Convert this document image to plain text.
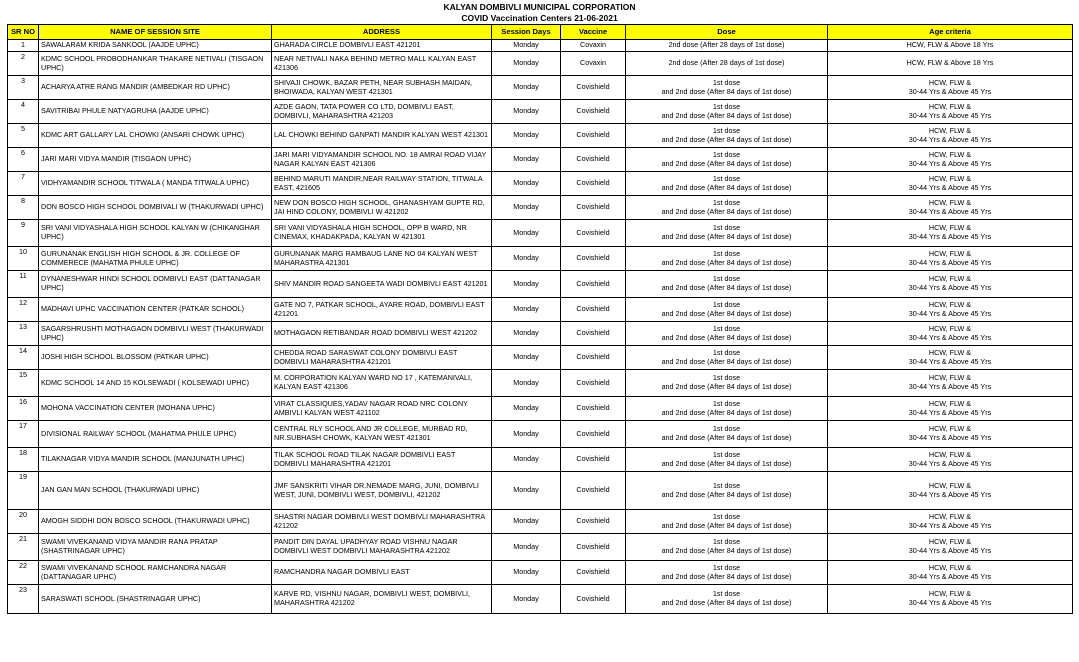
KALYAN DOMBIVLI MUNICIPAL CORPORATION
COVID Vaccination Centers 21-06-2021
SR NO	NAME OF SESSION SITE	ADDRESS	Session Days	Vaccine	Dose	Age criteria
1	SAWALARAM KRIDA SANKOOL (AAJDE UPHC)	GHARADA CIRCLE DOMBIVLI EAST 421201	Monday	Covaxin	2nd dose (After 28 days of 1st dose)	HCW, FLW & Above 18 Yrs

2	KDMC SCHOOL PROBODHANKAR THAKARE NETIVALI (TISGAON UPHC)	NEAR NETIVALI NAKA BEHIND METRO MALL KALYAN EAST 421306	Monday	Covaxin	2nd dose (After 28 days of 1st dose)	HCW, FLW & Above 18 Yrs

3	ACHARYA ATRE RANG MANDIR (AMBEDKAR RD UPHC)	SHIVAJI CHOWK, BAZAR PETH, NEAR SUBHASH MAIDAN, BHOIWADA, KALYAN WEST 421301	Monday	Covishield	1st dose
and 2nd dose (After 84 days of 1st dose)	HCW, FLW &
30-44 Yrs & Above 45 Yrs

4	SAVITRIBAI PHULE NATYAGRUHA (AAJDE UPHC)	AZDE GAON, TATA POWER CO LTD, DOMBIVLI EAST, DOMBIVLI, MAHARASHTRA 421203	Monday	Covishield	1st dose
and 2nd dose (After 84 days of 1st dose)	HCW, FLW &
30-44 Yrs & Above 45 Yrs

5	KDMC ART GALLARY LAL CHOWKI (ANSARI CHOWK UPHC)	LAL CHOWKI BEHIND GANPATI MANDIR KALYAN WEST 421301	Monday	Covishield	1st dose
and 2nd dose (After 84 days of 1st dose)	HCW, FLW &
30-44 Yrs & Above 45 Yrs

6	JARI MARI VIDYA MANDIR (TISGAON UPHC)	JARI MARI VIDYAMANDIR SCHOOL NO. 18 AMRAI ROAD VIJAY NAGAR KALYAN EAST 421306	Monday	Covishield	1st dose
and 2nd dose (After 84 days of 1st dose)	HCW, FLW &
30-44 Yrs & Above 45 Yrs

7	VIDHYAMANDIR SCHOOL TITWALA ( MANDA TITWALA UPHC)	BEHIND MARUTI MANDIR,NEAR RAILWAY STATION, TITWALA EAST, 421605	Monday	Covishield	1st dose
and 2nd dose (After 84 days of 1st dose)	HCW, FLW &
30-44 Yrs & Above 45 Yrs

8	DON BOSCO HIGH SCHOOL DOMBIVALI W (THAKURWADI UPHC)	NEW DON BOSCO HIGH SCHOOL, GHANASHYAM GUPTE RD, JAI HIND COLONY, DOMBIVLI W 421202	Monday	Covishield	1st dose
and 2nd dose (After 84 days of 1st dose)	HCW, FLW &
30-44 Yrs & Above 45 Yrs

9	SRI VANI VIDYASHALA HIGH SCHOOL KALYAN W (CHIKANGHAR UPHC)	SRI VANI VIDYASHALA HIGH SCHOOL, OPP B WARD, NR CINEMAX, KHADAKPADA, KALYAN W 421301	Monday	Covishield	1st dose
and 2nd dose (After 84 days of 1st dose)	HCW, FLW &
30-44 Yrs & Above 45 Yrs

10	GURUNANAK ENGLISH HIGH SCHOOL & JR. COLLEGE OF COMMERECE (MAHATMA PHULE UPHC)	GURUNANAK MARG RAMBAUG LANE NO 04 KALYAN WEST MAHARASTRA 421301	Monday	Covishield	1st dose
and 2nd dose (After 84 days of 1st dose)	HCW, FLW &
30-44 Yrs & Above 45 Yrs

11	DYNANESHWAR HINDI SCHOOL DOMBIVLI EAST (DATTANAGAR UPHC)	SHIV MANDIR ROAD SANGEETA WADI DOMBIVLI EAST 421201	Monday	Covishield	1st dose
and 2nd dose (After 84 days of 1st dose)	HCW, FLW &
30-44 Yrs & Above 45 Yrs

12	MADHAVI UPHC VACCINATION CENTER (PATKAR SCHOOL)	GATE NO 7, PATKAR SCHOOL, AYARE ROAD, DOMBIVLI EAST 421201	Monday	Covishield	1st dose
and 2nd dose (After 84 days of 1st dose)	HCW, FLW &
30-44 Yrs & Above 45 Yrs

13	SAGARSHRUSHTI MOTHAGAON DOMBIVLI WEST (THAKURWADI UPHC)	MOTHAGAON RETIBANDAR ROAD DOMBIVLI WEST 421202	Monday	Covishield	1st dose
and 2nd dose (After 84 days of 1st dose)	HCW, FLW &
30-44 Yrs & Above 45 Yrs

14	JOSHI HIGH SCHOOL BLOSSOM (PATKAR UPHC)	CHEDDA ROAD SARASWAT COLONY DOMBIVLI EAST DOMBIVLI MAHARASHTRA 421201	Monday	Covishield	1st dose
and 2nd dose (After 84 days of 1st dose)	HCW, FLW &
30-44 Yrs & Above 45 Yrs

15	KDMC SCHOOL 14 AND 15 KOLSEWADI ( KOLSEWADI UPHC)	M. CORPORATION KALYAN WARD NO 17 , KATEMANIVALI, KALYAN EAST 421306	Monday	Covishield	1st dose
and 2nd dose (After 84 days of 1st dose)	HCW, FLW &
30-44 Yrs & Above 45 Yrs

16	MOHONA VACCINATION CENTER (MOHANA UPHC)	VIRAT CLASSIQUES,YADAV NAGAR ROAD NRC COLONY AMBIVLI KALYAN WEST 421102	Monday	Covishield	1st dose
and 2nd dose (After 84 days of 1st dose)	HCW, FLW &
30-44 Yrs & Above 45 Yrs

17	DIVISIONAL RAILWAY SCHOOL (MAHATMA PHULE UPHC)	CENTRAL RLY SCHOOL AND JR COLLEGE, MURBAD RD, NR.SUBHASH CHOWK, KALYAN WEST 421301	Monday	Covishield	1st dose
and 2nd dose (After 84 days of 1st dose)	HCW, FLW &
30-44 Yrs & Above 45 Yrs

18	TILAKNAGAR VIDYA MANDIR SCHOOL (MANJUNATH UPHC)	TILAK SCHOOL ROAD TILAK NAGAR DOMBIVLI EAST DOMBIVLI MAHARASHTRA 421201	Monday	Covishield	1st dose
and 2nd dose (After 84 days of 1st dose)	HCW, FLW &
30-44 Yrs & Above 45 Yrs

19	JAN GAN MAN SCHOOL (THAKURWADI UPHC)	JMF SANSKRITI VIHAR DR.NEMADE MARG, JUNI, DOMBIVLI WEST, JUNI, DOMBIVLI WEST, DOMBIVLI, 421202	Monday	Covishield	1st dose
and 2nd dose (After 84 days of 1st dose)	HCW, FLW &
30-44 Yrs & Above 45 Yrs

20	AMOGH SIDDHI DON BOSCO SCHOOL (THAKURWADI UPHC)	SHASTRI NAGAR DOMBIVLI WEST DOMBIVLI MAHARASHTRA 421202	Monday	Covishield	1st dose
and 2nd dose (After 84 days of 1st dose)	HCW, FLW &
30-44 Yrs & Above 45 Yrs

21	SWAMI VIVEKANAND VIDYA MANDIR RANA PRATAP (SHASTRINAGAR UPHC)	PANDIT DIN DAYAL UPADHYAY ROAD VISHNU NAGAR DOMBIVLI WEST DOMBIVLI MAHARASHTRA 421202	Monday	Covishield	1st dose
and 2nd dose (After 84 days of 1st dose)	HCW, FLW &
30-44 Yrs & Above 45 Yrs

22	SWAMI VIVEKANAND SCHOOL RAMCHANDRA NAGAR (DATTANAGAR UPHC)	RAMCHANDRA NAGAR DOMBIVLI EAST	Monday	Covishield	1st dose
and 2nd dose (After 84 days of 1st dose)	HCW, FLW &
30-44 Yrs & Above 45 Yrs

23	SARASWATI SCHOOL (SHASTRINAGAR UPHC)	KARVE RD, VISHNU NAGAR, DOMBIVLI WEST, DOMBIVLI, MAHARASHTRA 421202	Monday	Covishield	1st dose
and 2nd dose (After 84 days of 1st dose)	HCW, FLW &
30-44 Yrs & Above 45 Yrs
